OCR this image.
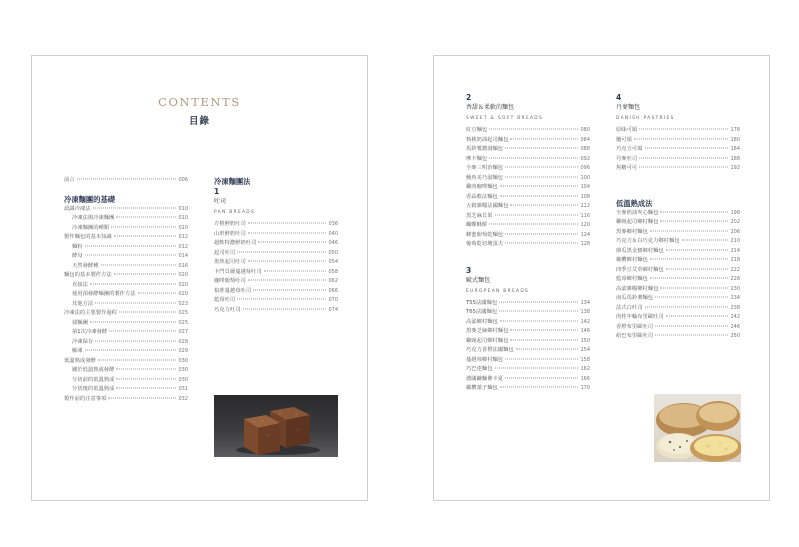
CONTENTS
目錄
前言	006
冷凍麵團的基礎
認識冷凍法	010
冷凍法與冷凍麵團	010
冷凍麵團的種類	010
製作麵包的基本知識	012
麵粉	012
酵母	014
天然發酵種	016
麵包的基本製作方法	020
直接法	020
使用預發酵麵團的製作方法	020
其他方法	023
冷凍法的主要製作過程	025
揉麵團	025
第1次冷凍發酵	027
冷凍保存	028
解凍	029
低溫熟成發酵	030
關於低溫熟成發酵	030
分切前的低溫熟成	030
分切後的低溫熟成	031
製作前的注意事項	032
冷凍麵團法
1
吐司
PAN BREADS
方格鮮奶吐司	036
山形鮮奶吐司	040
超軟特濃鮮奶吐司	046
起司吐司	050
墨魚起司吐司	054
卡門貝爾蔓越莓吐司	058
咖啡葡萄吐司	062
柏蔗蔓越莓吐司	066
藍莓吐司	070
巧克力吐司	074
2
香甜＆柔軟的麵包
SWEET & SOFT BREADS
紅豆麵包	080
核桃奶油起司麵包	084
馬鈴薯濃湯麵包	088
摩卡麵包	092
全麥三明治麵包	096
鮪魚美乃滋麵包	100
雞肉咖哩麵包	104
香蒜軟法麵包	108
五穀雜糧法國麵包	112
黑芝麻貝果	116
蝴蝶酥餅	120
蜂蜜葡萄乾麵包	124
葡萄乾切塊蛋夫	128
3
歐式麵包
EUROPEAN BREADS
T55法國麵包	134
T65法國麵包	138
高粱鄉村麵包	142
黑麥芝麻鄉村麵包	146
雞豌起司鄉村麵包	150
巧克力香橙法國麵包	154
蔓越莓鄉村麵包	158
巧巴達麵包	162
德國鹼麵佛卡夏	166
橄欖葉子麵包	170
4
丹麥麵包
DANISH PASTRIES
原味可頌	176
鹽可頌	180
巧克力可頌	184
丹麥吐司	188
焦糖可可	192
低溫熟成法
全麥奶油夾心麵包	198
雞豌起司鄉村麵包	202
黑麥鄉村麵包	206
巧克力＆白巧克力鄉村麵包	210
節瓜黑金寶鄉村麵包	214
橄欖鄉村麵包	218
四季豆艾草鄉村麵包	222
藍莓鄉村麵包	226
高粱雜糧鄉村麵包	230
南瓜馬鈴薯麵包	234
法式白吐司	238
肉桂年輪布里歐吐司	242
香橙布里歐吐司	246
紐巴布里歐吐司	250
